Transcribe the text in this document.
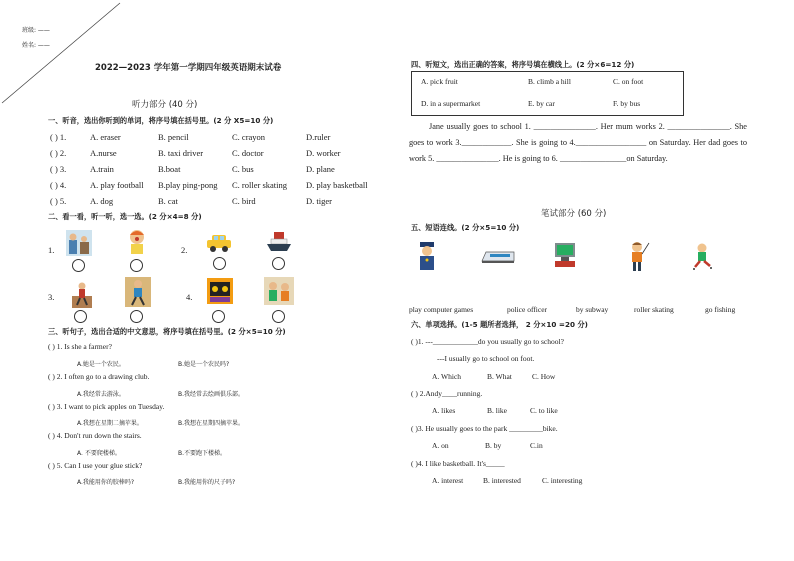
班级: ——
姓名: ——
2022—2023 学年第一学期四年级英语期末试卷
听力部分 (40 分)
一、听音，选出你听到的单词，将序号填在括号里。(2 分 X5=10 分)
( ) 1.	A. eraser	B. pencil	C. crayon	D.ruler
( ) 2.	A.nurse	B. taxi driver	C. doctor	D. worker
( ) 3.	A.train	B.boat	C. bus	D. plane
( ) 4.	A. play football B.play ping-pong C. roller skating D. play basketball
( ) 5.	A. dog	B. cat	C. bird	D. tiger
二、看一看，听一听，选一选。(2 分×4=8 分)
1.	2.
3.	4.
三、听句子，选出合适的中文意思，将序号填在括号里。(2 分×5=10 分)
( ) 1. Is she a farmer?
A.她是一个农民。	B.她是一个农民吗?
( ) 2. I often go to a drawing club.
A.我经常去游泳。	B.我经常去绘画俱乐部。
( ) 3. I want to pick apples on Tuesday.
A.我想在星期二摘苹果。	B.我想在星期四摘苹果。
( ) 4. Don't run down the stairs.
A. 不要爬楼梯。	B.不要跑下楼梯。
( ) 5. Can I use your glue stick?
A.我能用你的胶棒吗?	B.我能用你的尺子吗?
四、听短文，选出正确的答案，将序号填在横线上。(2 分×6=12 分)
A. pick fruit	B. climb a hill	C. on foot
D. in a supermarket	E. by car	F. by bus
Jane usually goes to school 1. _______________. Her mum works 2. _______________. She goes to work 3.____________. She is going to 4._________________ on Saturday. Her dad goes to work 5. _______________. He is going to 6. ________________on Saturday.
笔试部分 (60 分)
五、短语连线。(2 分×5=10 分)
play computer games	police officer	by subway	roller skating	go fishing
六、单项选择。(1-5 题所者选择， 2 分×10 =20 分)
( )1. ---____________do you usually go to school?
---I usually go to school on foot.
A. Which	B. What	C. How
( ) 2.Andy____running.
A. likes	B. like	C. to like
( )3. He usually goes to the park _________bike.
A. on	B. by	C.in
( )4. I like basketball. It's_____
A. interest	B. interested	C. interesting
